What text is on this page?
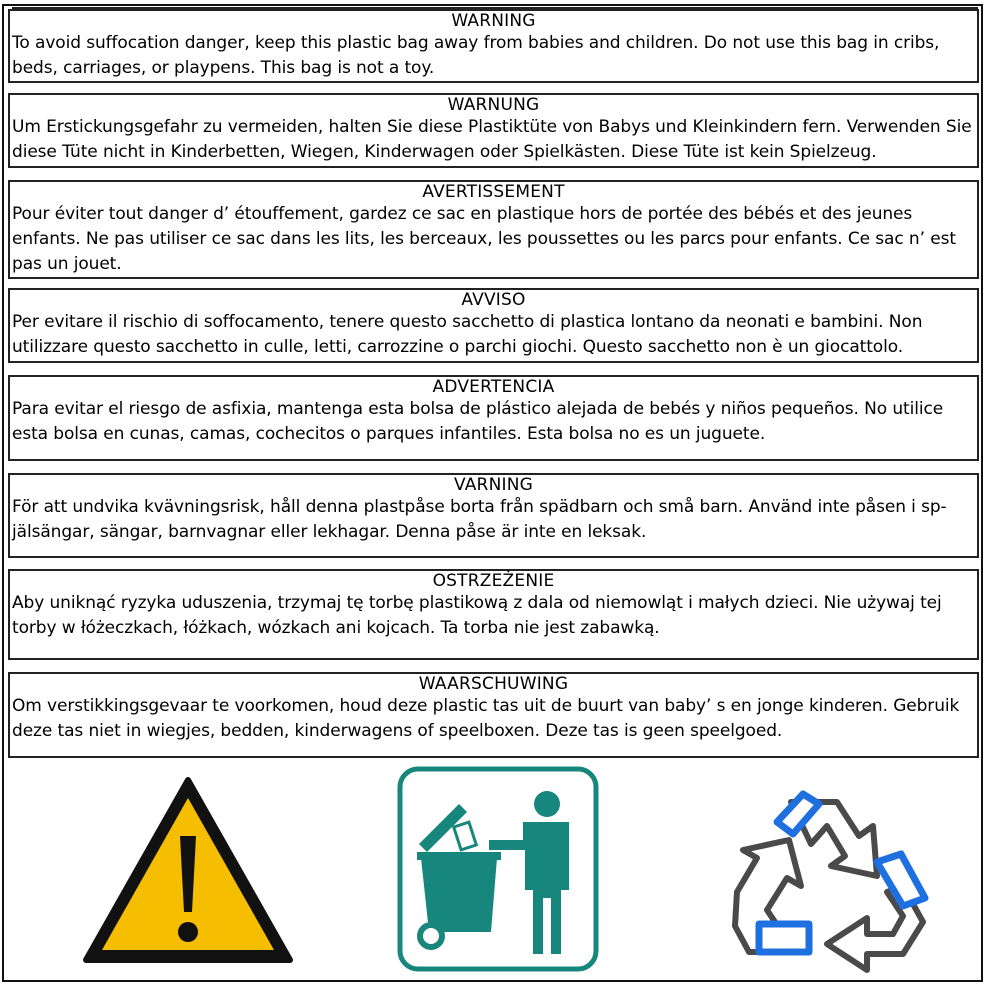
WARNING

To avoid suffocation danger, keep this plastic bag away from babies and children. Do not use this bag in cribs, beds, carriages, or playpens. This bag is not a toy.

WARNUNG

Um Erstickungsgefahr zu vermeiden, halten Sie diese Plastiktüte von Babys und Kleinkindern fern. Verwenden Sie diese Tüte nicht in Kinderbetten, Wiegen, Kinderwagen oder Spielkästen. Diese Tüte ist kein Spielzeug.

AVERTISSEMENT

Pour éviter tout danger d’ étouffement, gardez ce sac en plastique hors de portée des bébés et des jeunes enfants. Ne pas utiliser ce sac dans les lits, les berceaux, les poussettes ou les parcs pour enfants. Ce sac n’ est pas un jouet.

AVVISO

Per evitare il rischio di soffocamento, tenere questo sacchetto di plastica lontano da neonati e bambini. Non utilizzare questo sacchetto in culle, letti, carrozzine o parchi giochi. Questo sacchetto non è un giocattolo.

ADVERTENCIA

Para evitar el riesgo de asfixia, mantenga esta bolsa de plástico alejada de bebés y niños pequeños. No utilice esta bolsa en cunas, camas, cochecitos o parques infantiles. Esta bolsa no es un juguete.

VARNING

För att undvika kvävningsrisk, håll denna plastpåse borta från spädbarn och små barn. Använd inte påsen i sp-jälsängar, sängar, barnvagnar eller lekhagar. Denna påse är inte en leksak.

OSTRZEŻENIE

Aby uniknąć ryzyka uduszenia, trzymaj tę torbę plastikową z dala od niemowląt i małych dzieci. Nie używaj tej torby w łóżeczkach, łóżkach, wózkach ani kojcach. Ta torba nie jest zabawką.

WAARSCHUWING

Om verstikkingsgevaar te voorkomen, houd deze plastic tas uit de buurt van baby’ s en jonge kinderen. Gebruik deze tas niet in wiegjes, bedden, kinderwagens of speelboxen. Deze tas is geen speelgoed.
